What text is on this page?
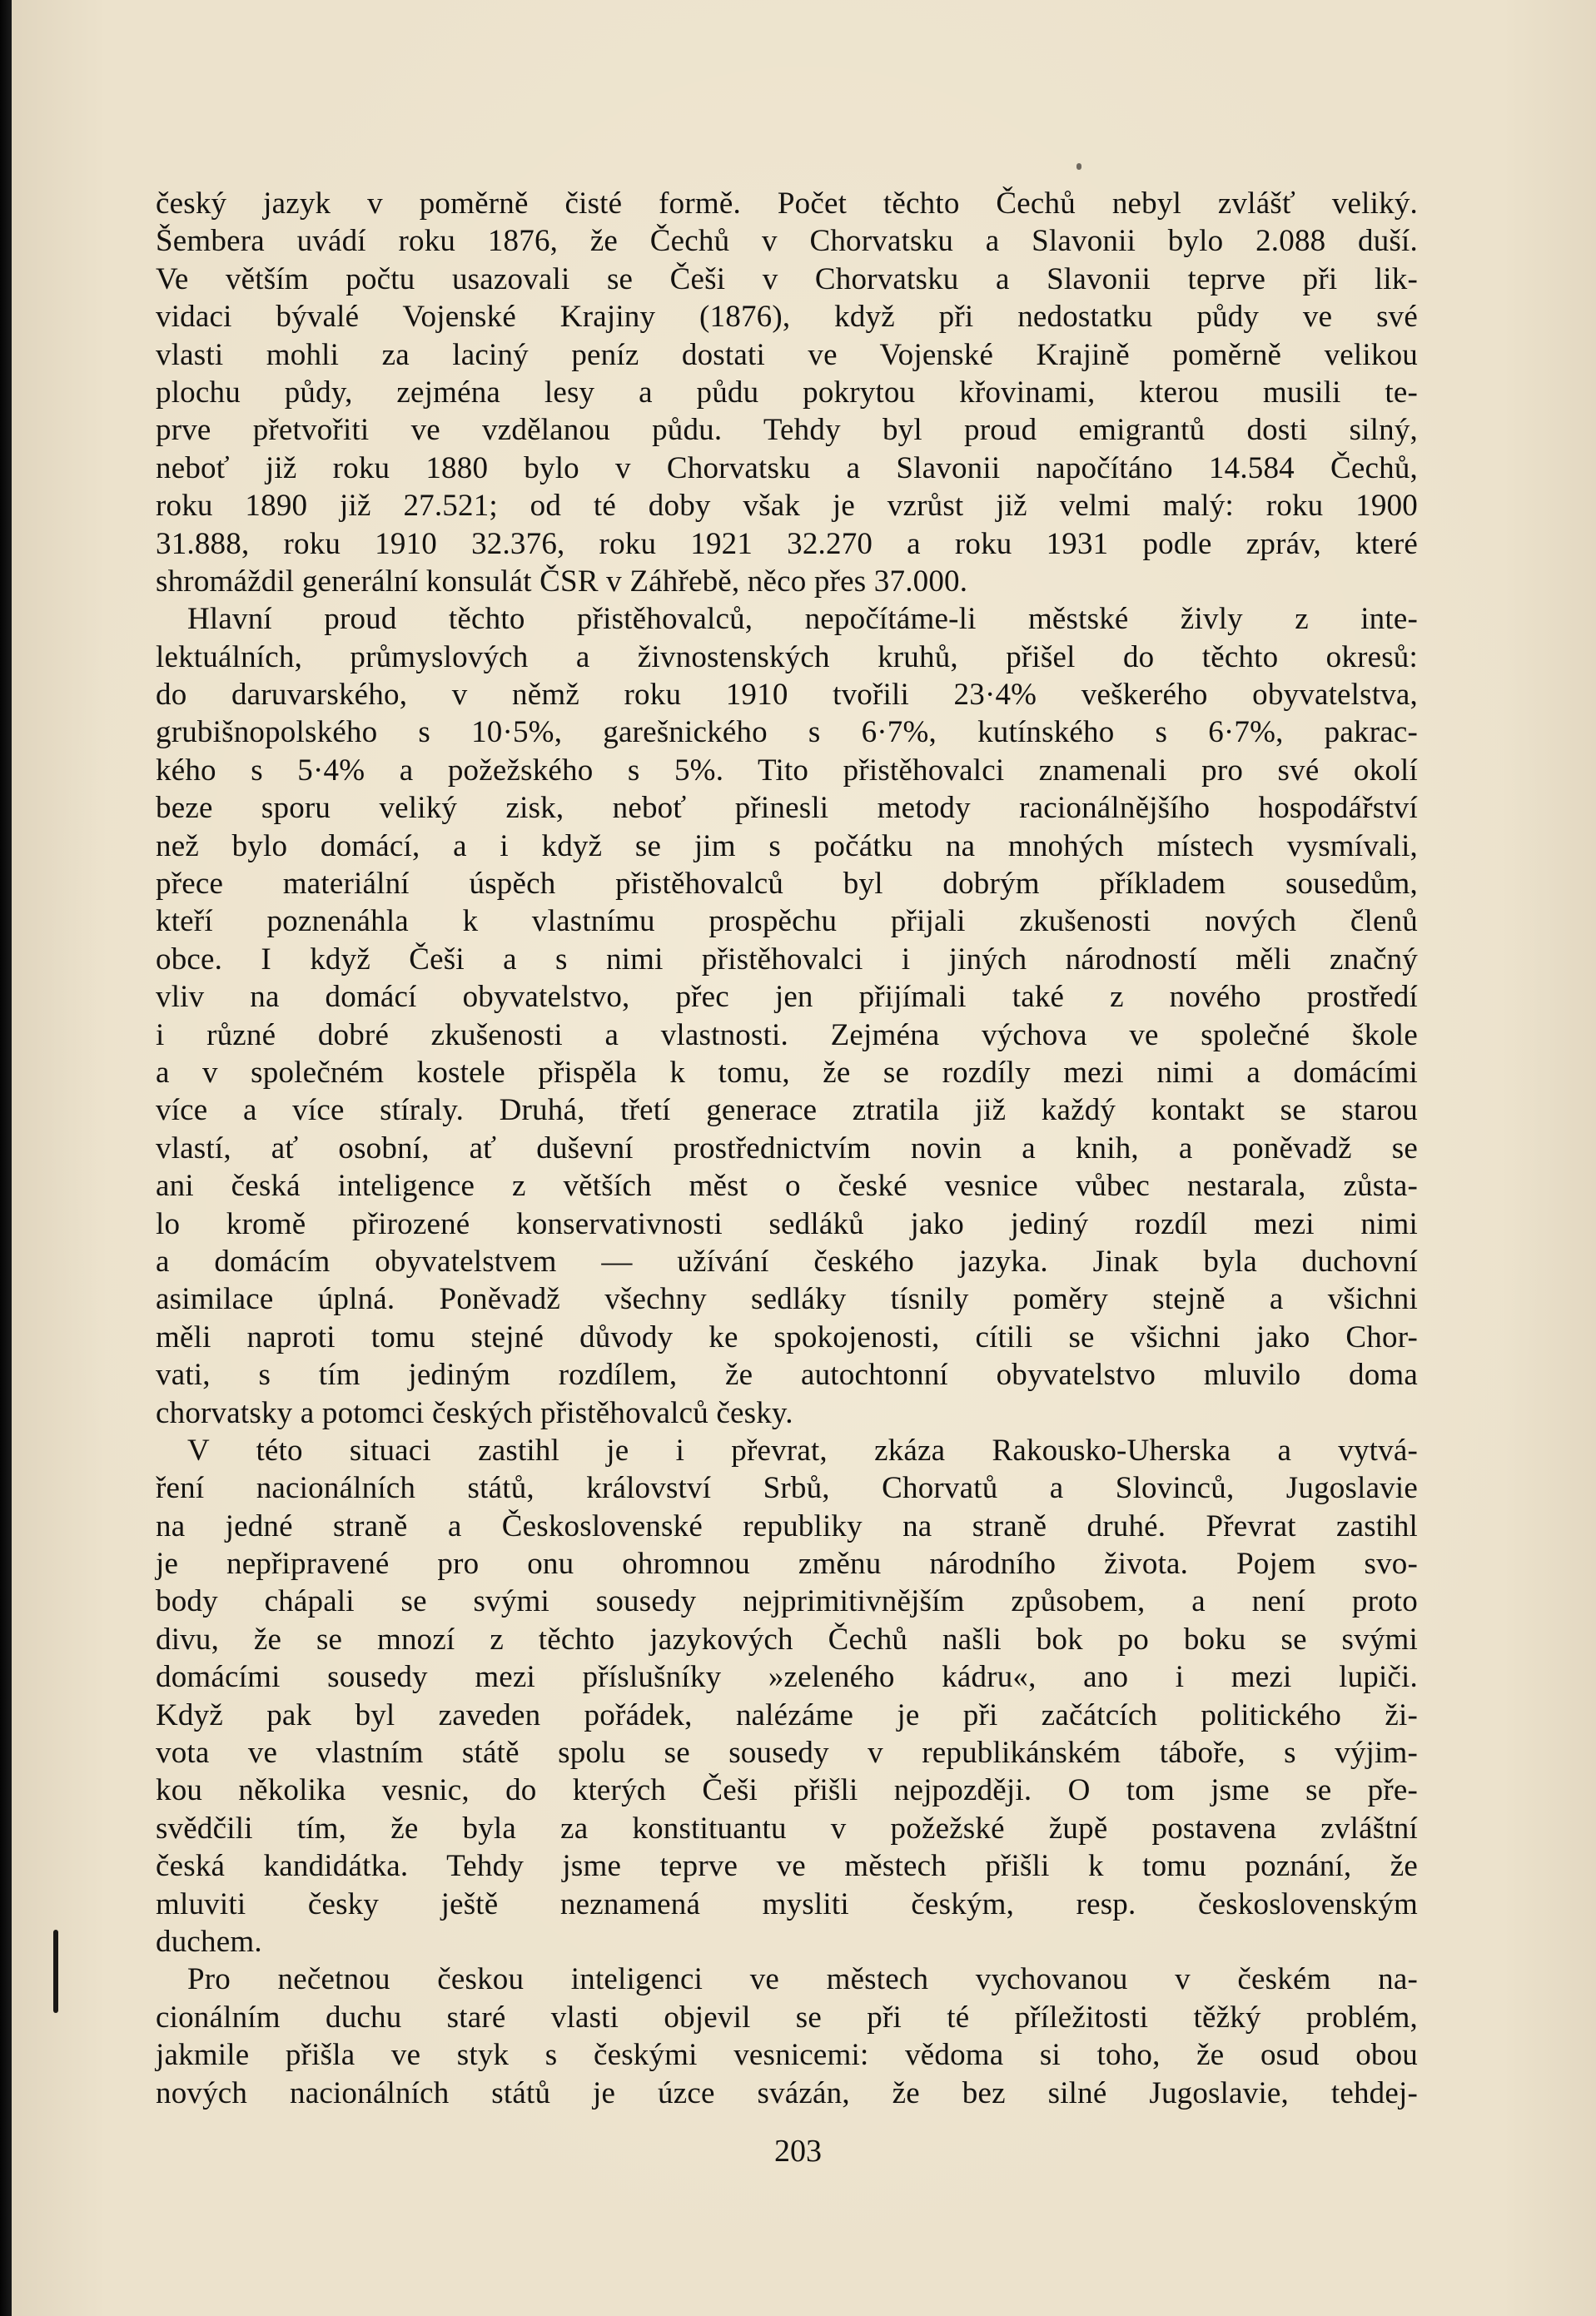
český jazyk v poměrně čisté formě. Počet těchto Čechů nebyl zvlášť veliký.
Šembera uvádí roku 1876, že Čechů v Chorvatsku a Slavonii bylo 2.088 duší.
Ve větším počtu usazovali se Češi v Chorvatsku a Slavonii teprve při lik-
vidaci bývalé Vojenské Krajiny (1876), když při nedostatku půdy ve své
vlasti mohli za laciný peníz dostati ve Vojenské Krajině poměrně velikou
plochu půdy, zejména lesy a půdu pokrytou křovinami, kterou musili te-
prve přetvořiti ve vzdělanou půdu. Tehdy byl proud emigrantů dosti silný,
neboť již roku 1880 bylo v Chorvatsku a Slavonii napočítáno 14.584 Čechů,
roku 1890 již 27.521; od té doby však je vzrůst již velmi malý: roku 1900
31.888, roku 1910 32.376, roku 1921 32.270 a roku 1931 podle zpráv, které
shromáždil generální konsulát ČSR v Záhřebě, něco přes 37.000.
Hlavní proud těchto přistěhovalců, nepočítáme-li městské živly z inte-
lektuálních, průmyslových a živnostenských kruhů, přišel do těchto okresů:
do daruvarského, v němž roku 1910 tvořili 23·4% veškerého obyvatelstva,
grubišnopolského s 10·5%, garešnického s 6·7%, kutínského s 6·7%, pakrac-
kého s 5·4% a požežského s 5%. Tito přistěhovalci znamenali pro své okolí
beze sporu veliký zisk, neboť přinesli metody racionálnějšího hospodářství
než bylo domácí, a i když se jim s počátku na mnohých místech vysmívali,
přece materiální úspěch přistěhovalců byl dobrým příkladem sousedům,
kteří poznenáhla k vlastnímu prospěchu přijali zkušenosti nových členů
obce. I když Češi a s nimi přistěhovalci i jiných národností měli značný
vliv na domácí obyvatelstvo, přec jen přijímali také z nového prostředí
i různé dobré zkušenosti a vlastnosti. Zejména výchova ve společné škole
a v společném kostele přispěla k tomu, že se rozdíly mezi nimi a domácími
více a více stíraly. Druhá, třetí generace ztratila již každý kontakt se starou
vlastí, ať osobní, ať duševní prostřednictvím novin a knih, a poněvadž se
ani česká inteligence z větších měst o české vesnice vůbec nestarala, zůsta-
l⁠o kromě přirozené konservativnosti sedláků jako jediný rozdíl mezi nimi
a domácím obyvatelstvem — užívání českého jazyka. Jinak byla duchovní
asimilace úplná. Poněvadž všechny sedláky tísnily poměry stejně a všichni
měli naproti tomu stejné důvody ke spokojenosti, cítili se všichni jako Chor-
vati, s tím jediným rozdílem, že autochtonní obyvatelstvo mluvilo doma
chorvatsky a potomci českých přistěhovalců česky.
V této situaci zastihl je i převrat, zkáza Rakousko-Uherska a vytvá-
ření nacionálních států, království Srbů, Chorvatů a Slovinců, Jugoslavie
na jedné straně a Československé republiky na straně druhé. Převrat zastihl
je nepřipravené pro onu ohromnou změnu národního života. Pojem svo-
body chápali se svými sousedy nejprimitivnějším způsobem, a není proto
divu, že se mnozí z těchto jazykových Čechů našli bok po boku se svými
domácími sousedy mezi příslušníky »zeleného kádru«, ano i mezi lupiči.
Když pak byl zaveden pořádek, nalézáme je při začátcích politického ži-
vota ve vlastním státě spolu se sousedy v republikánském táboře, s výjim-
kou několika vesnic, do kterých Češi přišli nejpozději. O tom jsme se pře-
svědčili tím, že byla za konstituantu v požežské župě postavena zvláštní
česká kandidátka. Tehdy jsme teprve ve městech přišli k tomu poznání, že
mluviti česky ještě neznamená mysliti českým, resp. československým
duchem.
Pro nečetnou českou inteligenci ve městech vychovanou v českém na-
cionálním duchu staré vlasti objevil se při té příležitosti těžký problém,
jakmile přišla ve styk s českými vesnicemi: vědoma si toho, že osud obou
nových nacionálních států je úzce svázán, že bez silné Jugoslavie, tehdej-
203
